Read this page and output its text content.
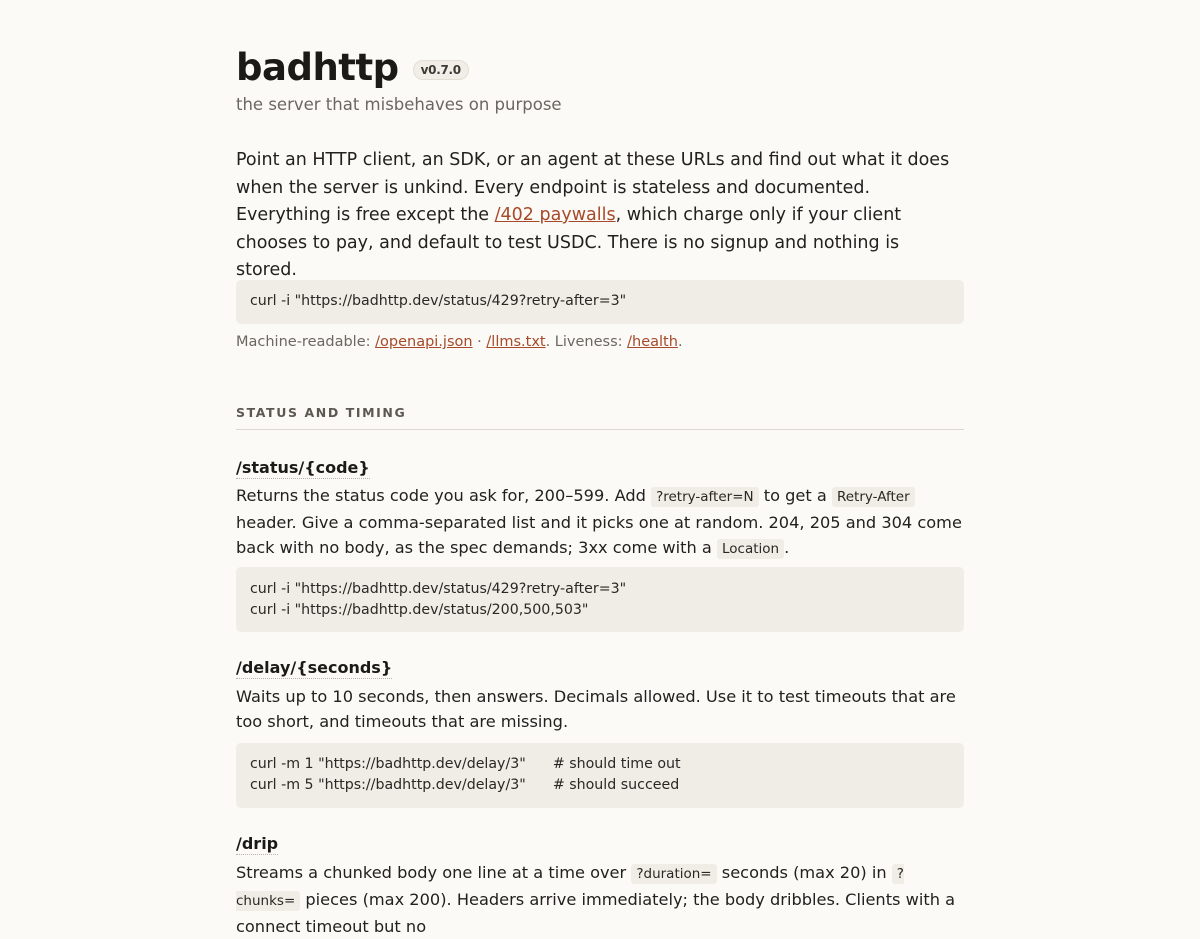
badhttp	v0.7.0
the server that misbehaves on purpose

Point an HTTP client, an SDK, or an agent at these URLs and find out what it does when the server is unkind. Every endpoint is stateless and documented. Everything is free except the /402 paywalls, which charge only if your client chooses to pay, and default to test USDC. There is no signup and nothing is stored.

curl -i "https://badhttp.dev/status/429?retry-after=3"
Machine-readable: /openapi.json · /llms.txt. Liveness: /health.
STATUS AND TIMING
/status/{code}
Returns the status code you ask for, 200–599. Add ?retry-after=N to get a Retry-After header. Give a comma-separated list and it picks one at random. 204, 205 and 304 come back with no body, as the spec demands; 3xx come with a Location .
curl -i "https://badhttp.dev/status/429?retry-after=3"
curl -i "https://badhttp.dev/status/200,500,503"
/delay/{seconds}
Waits up to 10 seconds, then answers. Decimals allowed. Use it to test timeouts that are too short, and timeouts that are missing.
curl -m 1 "https://badhttp.dev/delay/3"      # should time out
curl -m 5 "https://badhttp.dev/delay/3"      # should succeed
/drip
Streams a chunked body one line at a time over ?duration= seconds (max 20) in ?chunks= pieces (max 200). Headers arrive immediately; the body dribbles. Clients with a connect timeout but no
